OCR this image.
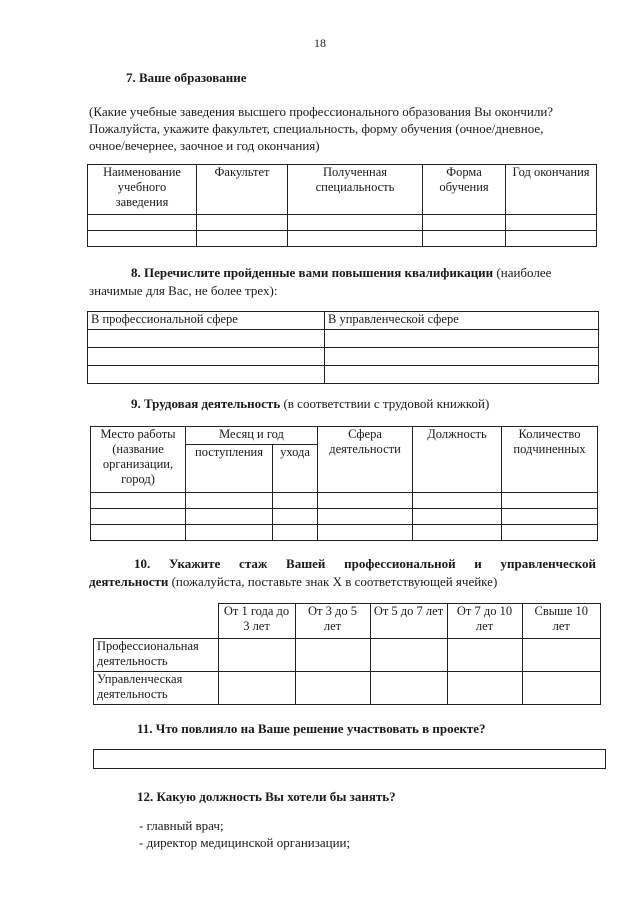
18
7. Ваше образование
(Какие учебные заведения высшего профессионального образования Вы окончили?
Пожалуйста, укажите факультет, специальность, форму обучения (очное/дневное,
очное/вечернее, заочное и год окончания)
Наименование учебного заведения	Факультет	Полученная специальность	Форма обучения	Год окончания

8. Перечислите пройденные вами повышения квалификации (наиболее
значимые для Вас, не более трех):
В профессиональной сфере	В управленческой сфере

9. Трудовая деятельность (в соответствии с трудовой книжкой)
Место работы (название организации, город)	Месяц и год		Сфера деятельности	Должность	Количество подчиненных
	поступления	ухода			

10. Укажите стаж Вашей профессиональной и управленческой
деятельности (пожалуйста, поставьте знак X в соответствующей ячейке)
	От 1 года до 3 лет	От 3 до 5 лет	От 5 до 7 лет	От 7 до 10 лет	Свыше 10 лет
Профессиональная деятельность					
Управленческая деятельность					
11. Что повлияло на Ваше решение участвовать в проекте?
12. Какую должность Вы хотели бы занять?
- главный врач;
- директор медицинской организации;
